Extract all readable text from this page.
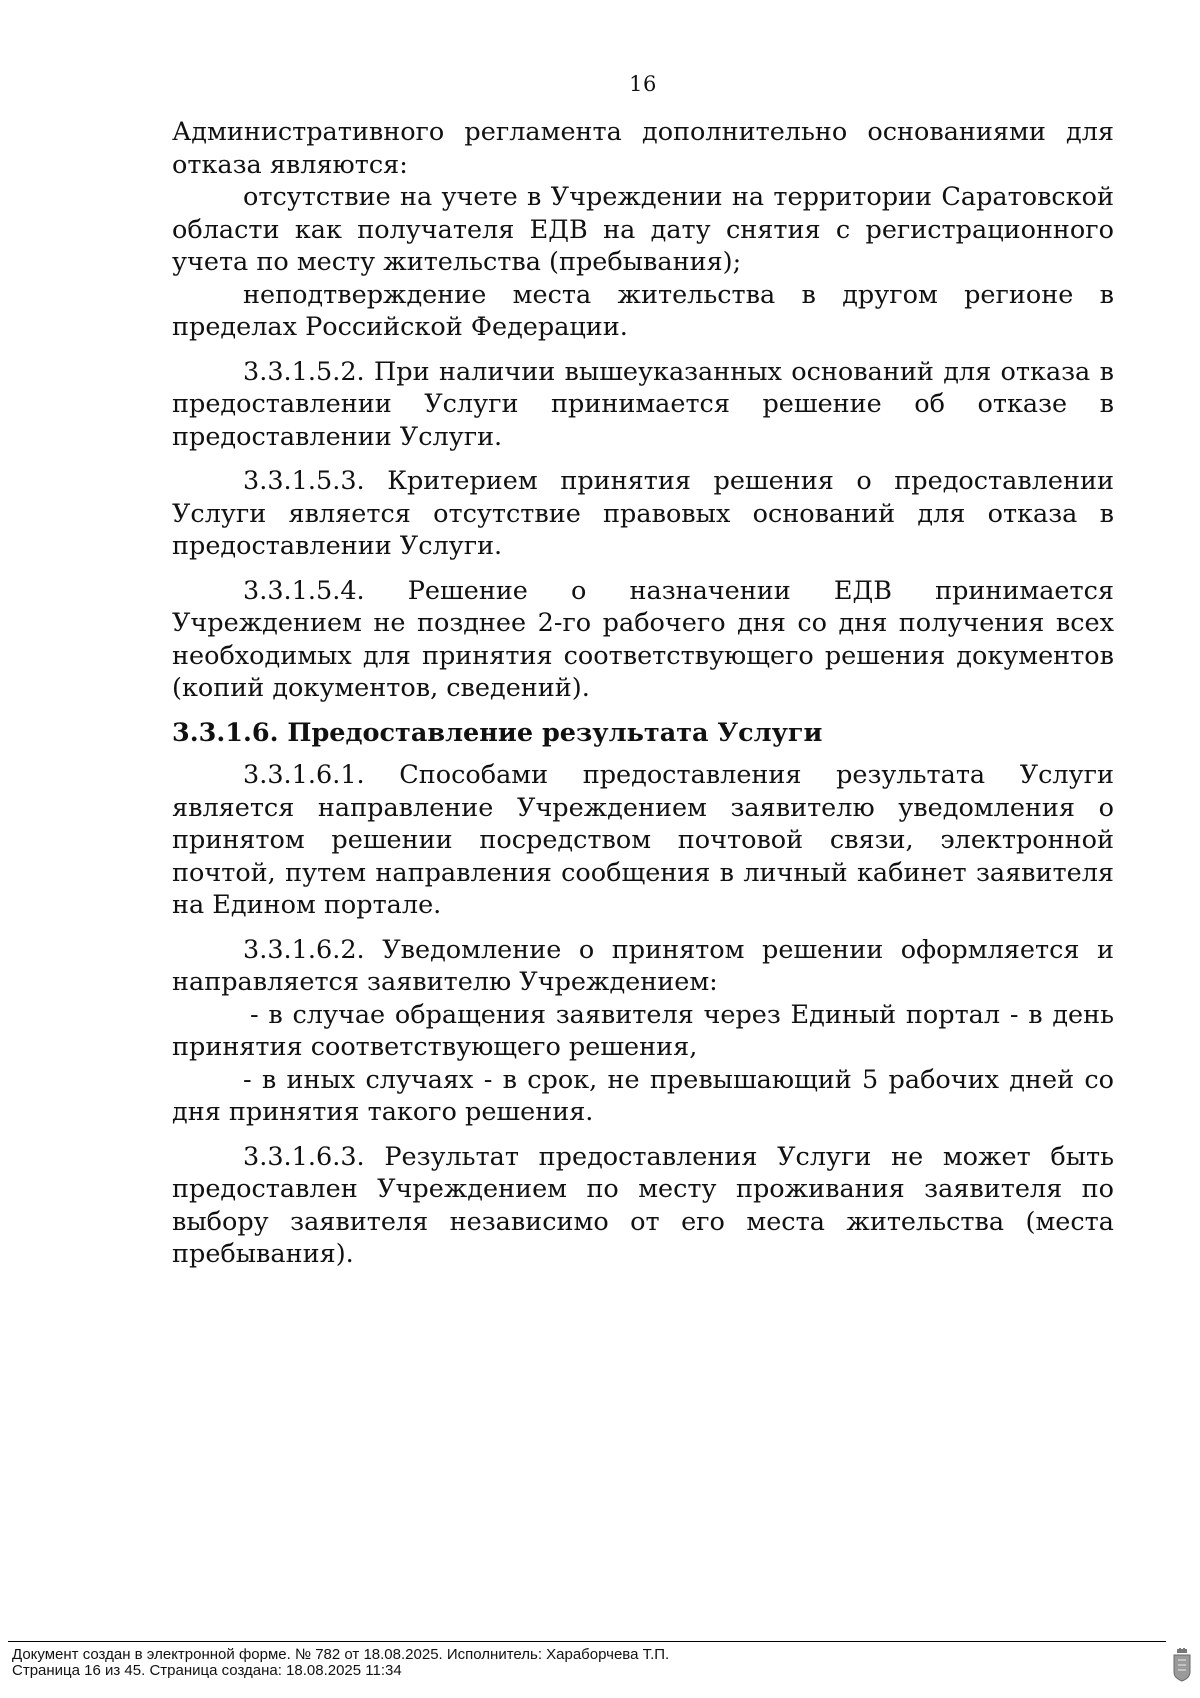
16

Административного регламента дополнительно основаниями для отказа являются:

отсутствие на учете в Учреждении на территории Саратовской области как получателя ЕДВ на дату снятия с регистрационного учета по месту жительства (пребывания);

неподтверждение места жительства в другом регионе в пределах Российской Федерации.

3.3.1.5.2. При наличии вышеуказанных оснований для отказа в предоставлении Услуги принимается решение об отказе в предоставлении Услуги.

3.3.1.5.3. Критерием принятия решения о предоставлении Услуги является отсутствие правовых оснований для отказа в предоставлении Услуги.

3.3.1.5.4. Решение о назначении ЕДВ принимается Учреждением не позднее 2-го рабочего дня со дня получения всех необходимых для принятия соответствующего решения документов (копий документов, сведений).

3.3.1.6. Предоставление результата Услуги

3.3.1.6.1. Способами предоставления результата Услуги является направление Учреждением заявителю уведомления о принятом решении посредством почтовой связи, электронной почтой, путем направления сообщения в личный кабинет заявителя на Едином портале.

3.3.1.6.2. Уведомление о принятом решении оформляется и направляется заявителю Учреждением:

- в случае обращения заявителя через Единый портал - в день принятия соответствующего решения,

- в иных случаях - в срок, не превышающий 5 рабочих дней со дня принятия такого решения.

3.3.1.6.3. Результат предоставления Услуги не может быть предоставлен Учреждением по месту проживания заявителя по выбору заявителя независимо от его места жительства (места пребывания).

Документ создан в электронной форме. № 782 от 18.08.2025. Исполнитель: Хараборчева Т.П.
Страница 16 из 45. Страница создана: 18.08.2025 11:34
